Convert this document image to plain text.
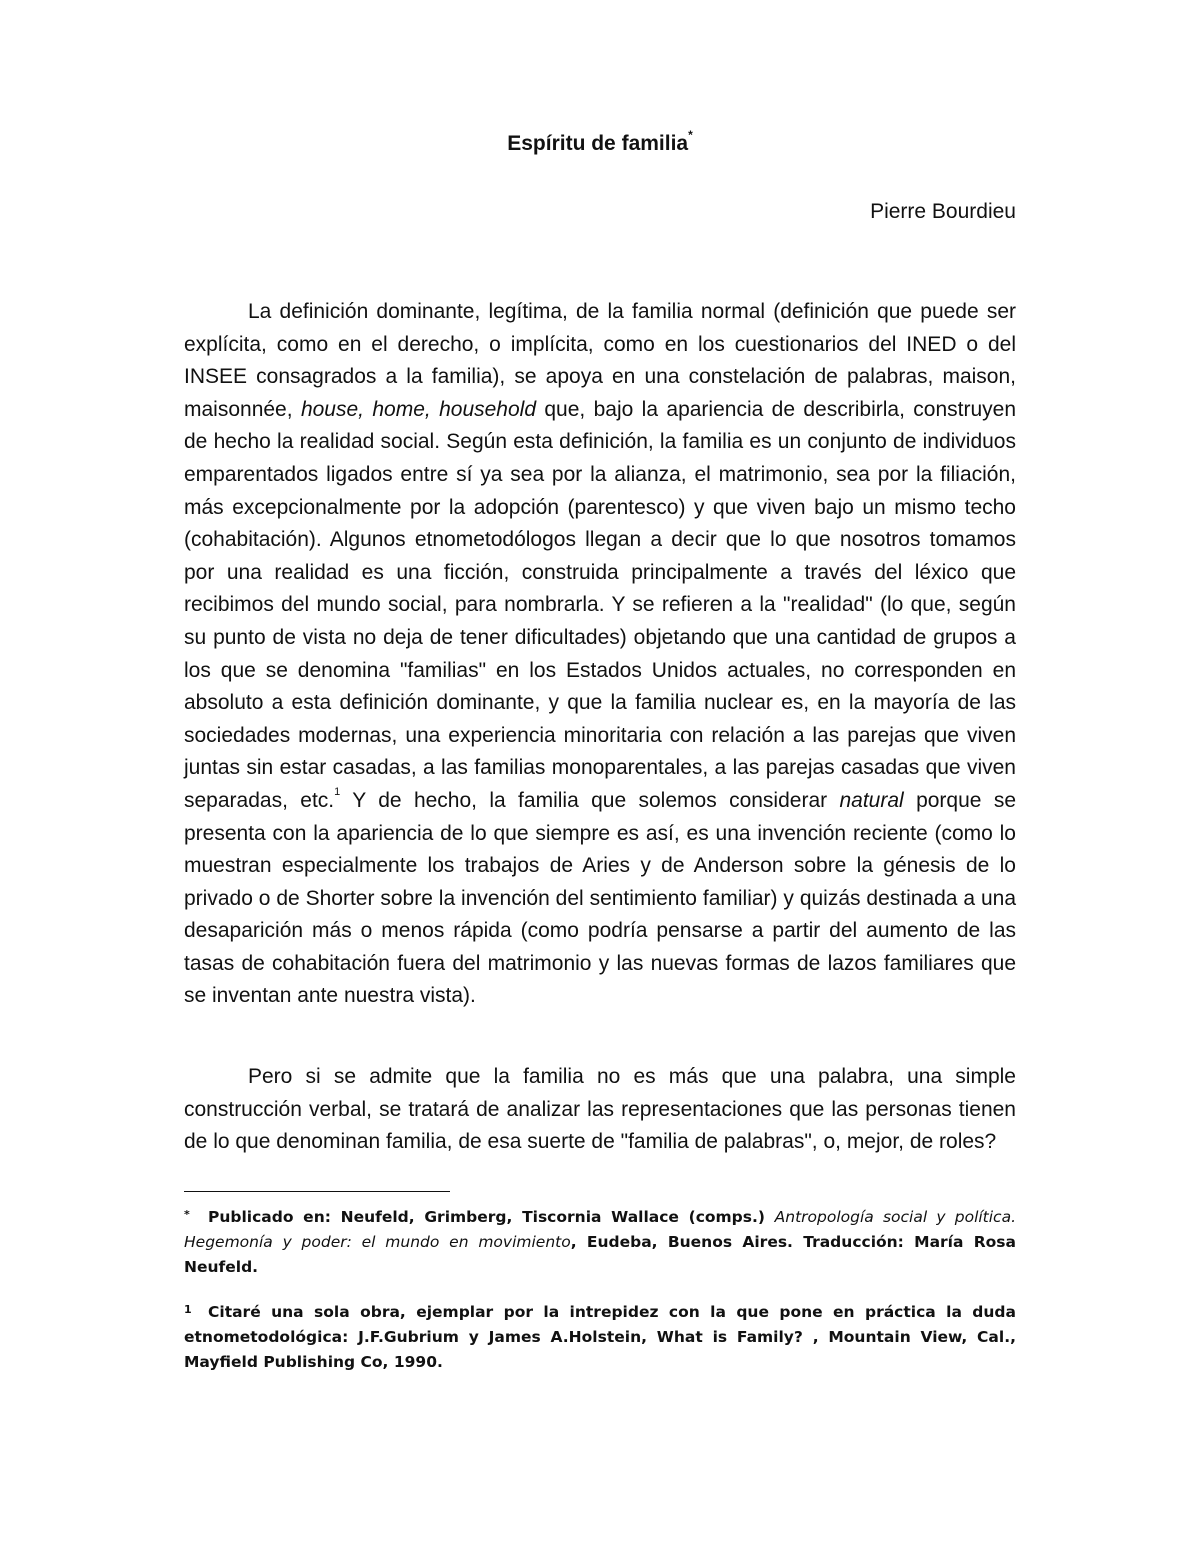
Espíritu de familia*
Pierre Bourdieu

La definición dominante, legítima, de la familia normal (definición que puede ser explícita, como en el derecho, o implícita, como en los cuestionarios del INED o del INSEE consagrados a la familia), se apoya en una constelación de palabras, maison, maisonnée, house, home, household que, bajo la apariencia de describirla, construyen de hecho la realidad social. Según esta definición, la familia es un conjunto de individuos emparentados ligados entre sí ya sea por la alianza, el matrimonio, sea por la filiación, más excepcionalmente por la adopción (parentesco) y que viven bajo un mismo techo (cohabitación). Algunos etnometodólogos llegan a decir que lo que nosotros tomamos por una realidad es una ficción, construida principalmente a través del léxico que recibimos del mundo social, para nombrarla. Y se refieren a la "realidad" (lo que, según su punto de vista no deja de tener dificultades) objetando que una cantidad de grupos a los que se denomina "familias" en los Estados Unidos actuales, no corresponden en absoluto a esta definición dominante, y que la familia nuclear es, en la mayoría de las sociedades modernas, una experiencia minoritaria con relación a las parejas que viven juntas sin estar casadas, a las familias monoparentales, a las parejas casadas que viven separadas, etc.$^1$ Y de hecho, la familia que solemos considerar natural porque se presenta con la apariencia de lo que siempre es así, es una invención reciente (como lo muestran especialmente los trabajos de Aries y de Anderson sobre la génesis de lo privado o de Shorter sobre la invención del sentimiento familiar) y quizás destinada a una desaparición más o menos rápida (como podría pensarse a partir del aumento de las tasas de cohabitación fuera del matrimonio y las nuevas formas de lazos familiares que se inventan ante nuestra vista).

Pero si se admite que la familia no es más que una palabra, una simple construcción verbal, se tratará de analizar las representaciones que las personas tienen de lo que denominan familia, de esa suerte de "familia de palabras", o, mejor, de roles?

* Publicado en: Neufeld, Grimberg, Tiscornia Wallace (comps.) Antropología social y política. Hegemonía y poder: el mundo en movimiento, Eudeba, Buenos Aires. Traducción: María Rosa Neufeld.

1 Citaré una sola obra, ejemplar por la intrepidez con la que pone en práctica la duda etnometodológica: J.F.Gubrium y James A.Holstein, What is Family? , Mountain View, Cal., Mayfield Publishing Co, 1990.
